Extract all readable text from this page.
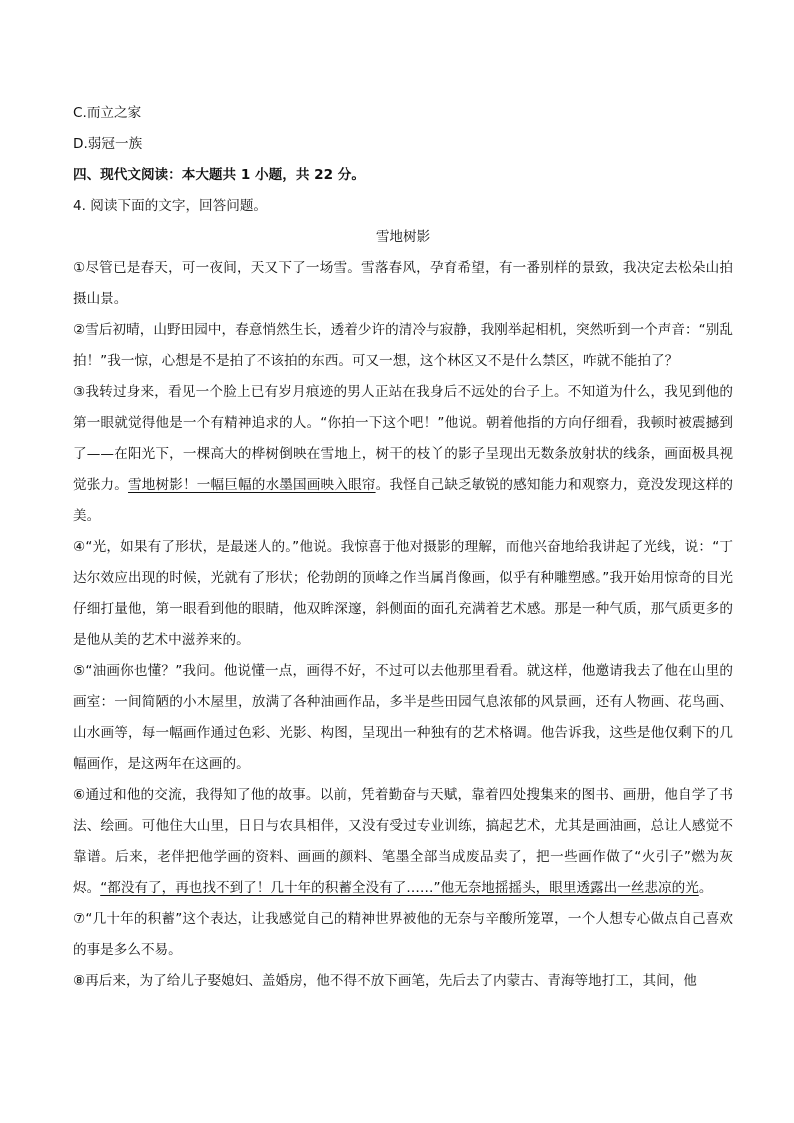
C.而立之家
D.弱冠一族
四、现代文阅读：本大题共 1 小题，共 22 分。
4. 阅读下面的文字，回答问题。
雪地树影
①尽管已是春天，可一夜间，天又下了一场雪。雪落春风，孕育希望，有一番别样的景致，我决定去松朵山拍摄山景。
②雪后初晴，山野田园中，春意悄然生长，透着少许的清冷与寂静，我刚举起相机，突然听到一个声音：“别乱拍！”我一惊，心想是不是拍了不该拍的东西。可又一想，这个林区又不是什么禁区，咋就不能拍了？
③我转过身来，看见一个脸上已有岁月痕迹的男人正站在我身后不远处的台子上。不知道为什么，我见到他的第一眼就觉得他是一个有精神追求的人。“你拍一下这个吧！”他说。朝着他指的方向仔细看，我顿时被震撼到了——在阳光下，一棵高大的桦树倒映在雪地上，树干的枝丫的影子呈现出无数条放射状的线条，画面极具视觉张力。雪地树影！一幅巨幅的水墨国画映入眼帘。我怪自己缺乏敏锐的感知能力和观察力，竟没发现这样的美。
④“光，如果有了形状，是最迷人的。”他说。我惊喜于他对摄影的理解，而他兴奋地给我讲起了光线，说：“丁达尔效应出现的时候，光就有了形状；伦勃朗的顶峰之作当属肖像画，似乎有种雕塑感。”我开始用惊奇的目光仔细打量他，第一眼看到他的眼睛，他双眸深邃，斜侧面的面孔充满着艺术感。那是一种气质，那气质更多的是他从美的艺术中滋养来的。
⑤“油画你也懂？”我问。他说懂一点，画得不好，不过可以去他那里看看。就这样，他邀请我去了他在山里的画室：一间简陋的小木屋里，放满了各种油画作品，多半是些田园气息浓郁的风景画，还有人物画、花鸟画、山水画等，每一幅画作通过色彩、光影、构图，呈现出一种独有的艺术格调。他告诉我，这些是他仅剩下的几幅画作，是这两年在这画的。
⑥通过和他的交流，我得知了他的故事。以前，凭着勤奋与天赋，靠着四处搜集来的图书、画册，他自学了书法、绘画。可他住大山里，日日与农具相伴，又没有受过专业训练，搞起艺术，尤其是画油画，总让人感觉不靠谱。后来，老伴把他学画的资料、画画的颜料、笔墨全部当成废品卖了，把一些画作做了“火引子”燃为灰烬。“都没有了，再也找不到了！几十年的积蓄全没有了……”他无奈地摇摇头，眼里透露出一丝悲凉的光。
⑦“几十年的积蓄”这个表达，让我感觉自己的精神世界被他的无奈与辛酸所笼罩，一个人想专心做点自己喜欢的事是多么不易。
⑧再后来，为了给儿子娶媳妇、盖婚房，他不得不放下画笔，先后去了内蒙古、青海等地打工，其间，他
